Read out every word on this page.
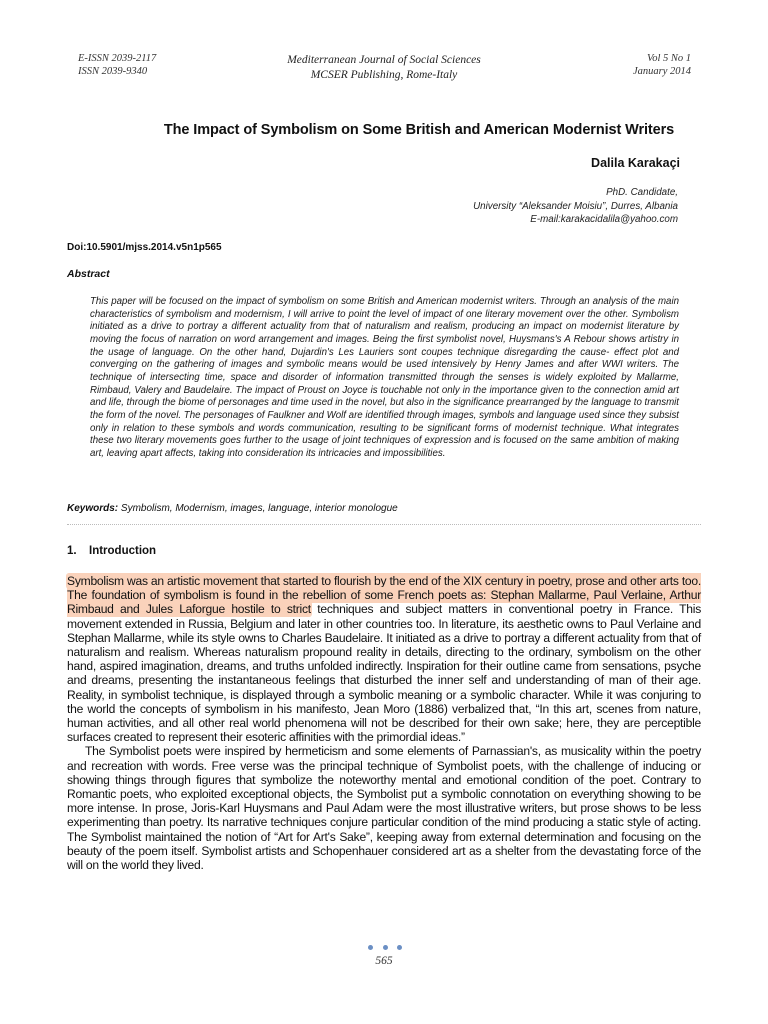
E-ISSN 2039-2117
ISSN 2039-9340
Mediterranean Journal of Social Sciences
MCSER Publishing, Rome-Italy
Vol 5 No 1
January 2014
The Impact of Symbolism on Some British and American Modernist Writers
Dalila Karakaçi
PhD. Candidate,
University “Aleksander Moisiu”, Durres, Albania
E-mail:karakacidalila@yahoo.com
Doi:10.5901/mjss.2014.v5n1p565
Abstract
This paper will be focused on the impact of symbolism on some British and American modernist writers. Through an analysis of the main characteristics of symbolism and modernism, I will arrive to point the level of impact of one literary movement over the other. Symbolism initiated as a drive to portray a different actuality from that of naturalism and realism, producing an impact on modernist literature by moving the focus of narration on word arrangement and images. Being the first symbolist novel, Huysmans's A Rebour shows artistry in the usage of language. On the other hand, Dujardin's Les Lauriers sont coupes technique disregarding the cause- effect plot and converging on the gathering of images and symbolic means would be used intensively by Henry James and after WWI writers. The technique of intersecting time, space and disorder of information transmitted through the senses is widely exploited by Mallarme, Rimbaud, Valery and Baudelaire. The impact of Proust on Joyce is touchable not only in the importance given to the connection amid art and life, through the biome of personages and time used in the novel, but also in the significance prearranged by the language to transmit the form of the novel. The personages of Faulkner and Wolf are identified through images, symbols and language used since they subsist only in relation to these symbols and words communication, resulting to be significant forms of modernist technique. What integrates these two literary movements goes further to the usage of joint techniques of expression and is focused on the same ambition of making art, leaving apart affects, taking into consideration its intricacies and impossibilities.
Keywords: Symbolism, Modernism, images, language, interior monologue
1. Introduction

Symbolism was an artistic movement that started to flourish by the end of the XIX century in poetry, prose and other arts too. The foundation of symbolism is found in the rebellion of some French poets as: Stephan Mallarme, Paul Verlaine, Arthur Rimbaud and Jules Laforgue hostile to strict techniques and subject matters in conventional poetry in France. This movement extended in Russia, Belgium and later in other countries too. In literature, its aesthetic owns to Paul Verlaine and Stephan Mallarme, while its style owns to Charles Baudelaire. It initiated as a drive to portray a different actuality from that of naturalism and realism. Whereas naturalism propound reality in details, directing to the ordinary, symbolism on the other hand, aspired imagination, dreams, and truths unfolded indirectly. Inspiration for their outline came from sensations, psyche and dreams, presenting the instantaneous feelings that disturbed the inner self and understanding of man of their age. Reality, in symbolist technique, is displayed through a symbolic meaning or a symbolic character. While it was conjuring to the world the concepts of symbolism in his manifesto, Jean Moro (1886) verbalized that, “In this art, scenes from nature, human activities, and all other real world phenomena will not be described for their own sake; here, they are perceptible surfaces created to represent their esoteric affinities with the primordial ideas.”

The Symbolist poets were inspired by hermeticism and some elements of Parnassian's, as musicality within the poetry and recreation with words. Free verse was the principal technique of Symbolist poets, with the challenge of inducing or showing things through figures that symbolize the noteworthy mental and emotional condition of the poet. Contrary to Romantic poets, who exploited exceptional objects, the Symbolist put a symbolic connotation on everything showing to be more intense. In prose, Joris-Karl Huysmans and Paul Adam were the most illustrative writers, but prose shows to be less experimenting than poetry. Its narrative techniques conjure particular condition of the mind producing a static style of acting. The Symbolist maintained the notion of “Art for Art's Sake”, keeping away from external determination and focusing on the beauty of the poem itself. Symbolist artists and Schopenhauer considered art as a shelter from the devastating force of the will on the world they lived.

565
